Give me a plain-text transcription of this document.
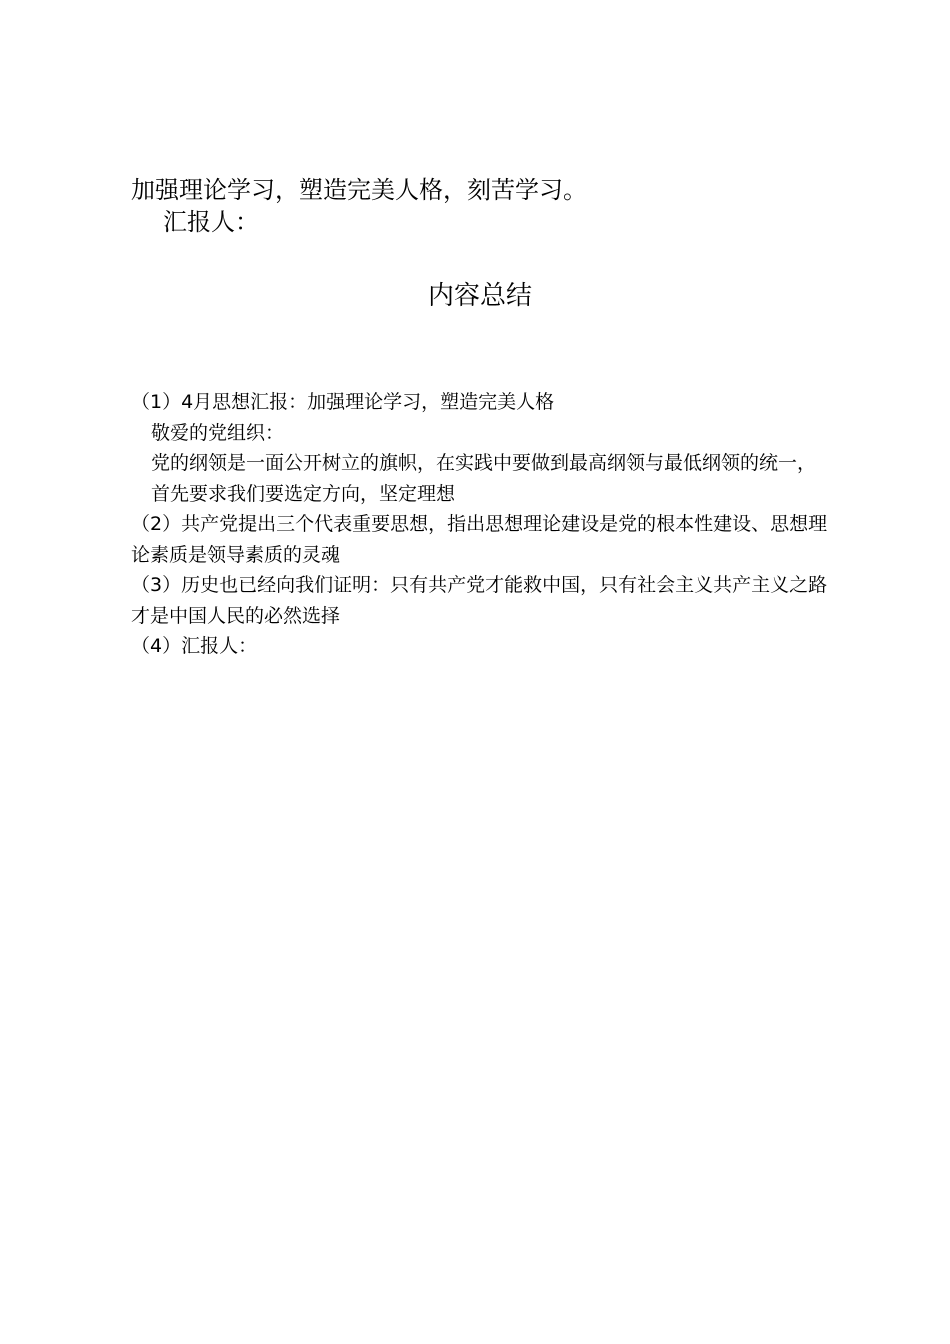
加强理论学习，塑造完美人格，刻苦学习。
汇报人：
内容总结

（1）4月思想汇报：加强理论学习，塑造完美人格

敬爱的党组织：

党的纲领是一面公开树立的旗帜，在实践中要做到最高纲领与最低纲领的统一，首先要求我们要选定方向，坚定理想

（2）共产党提出三个代表重要思想，指出思想理论建设是党的根本性建设、思想理论素质是领导素质的灵魂

（3）历史也已经向我们证明：只有共产党才能救中国，只有社会主义共产主义之路才是中国人民的必然选择

（4）汇报人：
